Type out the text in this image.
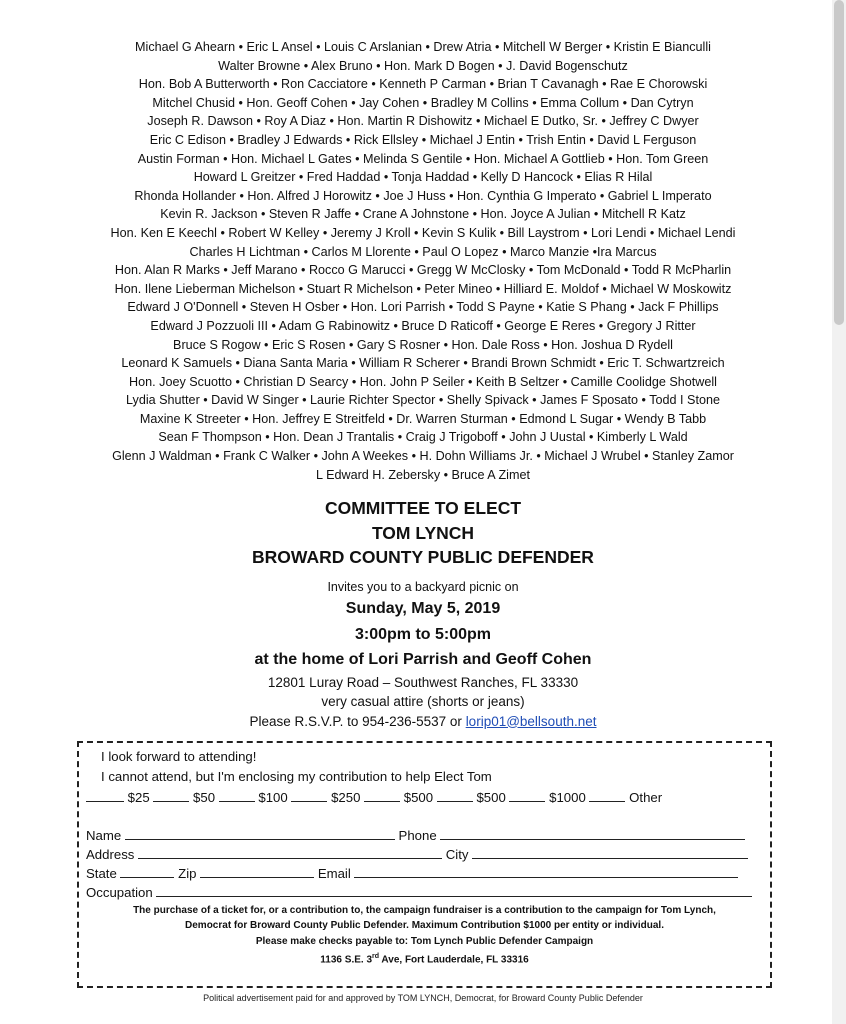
Michael G Ahearn • Eric L Ansel • Louis C Arslanian • Drew Atria • Mitchell W Berger • Kristin E Bianculli
Walter Browne • Alex Bruno • Hon. Mark D Bogen • J. David Bogenschutz
Hon. Bob A Butterworth • Ron Cacciatore • Kenneth P Carman • Brian T Cavanagh • Rae E Chorowski
Mitchel Chusid • Hon. Geoff Cohen • Jay Cohen • Bradley M Collins • Emma Collum • Dan Cytryn
Joseph R. Dawson • Roy A Diaz • Hon. Martin R Dishowitz • Michael E Dutko, Sr. • Jeffrey C Dwyer
Eric C Edison • Bradley J Edwards • Rick Ellsley • Michael J Entin • Trish Entin • David L Ferguson
Austin Forman • Hon. Michael L Gates • Melinda S Gentile • Hon. Michael A Gottlieb • Hon. Tom Green
Howard L Greitzer • Fred Haddad • Tonja Haddad • Kelly D Hancock • Elias R Hilal
Rhonda Hollander • Hon. Alfred J Horowitz • Joe J Huss • Hon. Cynthia G Imperato • Gabriel L Imperato
Kevin R. Jackson • Steven R Jaffe • Crane A Johnstone • Hon. Joyce A Julian • Mitchell R Katz
Hon. Ken E Keechl • Robert W Kelley • Jeremy J Kroll • Kevin S Kulik • Bill Laystrom • Lori Lendi • Michael Lendi
Charles H Lichtman • Carlos M Llorente • Paul O Lopez • Marco Manzie •Ira Marcus
Hon. Alan R Marks • Jeff Marano • Rocco G Marucci • Gregg W McClosky • Tom McDonald • Todd R McPharlin
Hon. Ilene Lieberman Michelson • Stuart R Michelson • Peter Mineo • Hilliard E. Moldof • Michael W Moskowitz
Edward J O'Donnell • Steven H Osber • Hon. Lori Parrish • Todd S Payne • Katie S Phang • Jack F Phillips
Edward J Pozzuoli III • Adam G Rabinowitz • Bruce D Raticoff • George E Reres • Gregory J Ritter
Bruce S Rogow • Eric S Rosen • Gary S Rosner • Hon. Dale Ross • Hon. Joshua D Rydell
Leonard K Samuels • Diana Santa Maria • William R Scherer • Brandi Brown Schmidt • Eric T. Schwartzreich
Hon. Joey Scuotto • Christian D Searcy • Hon. John P Seiler • Keith B Seltzer • Camille Coolidge Shotwell
Lydia Shutter • David W Singer • Laurie Richter Spector • Shelly Spivack • James F Sposato • Todd I Stone
Maxine K Streeter • Hon. Jeffrey E Streitfeld • Dr. Warren Sturman • Edmond L Sugar • Wendy B Tabb
Sean F Thompson • Hon. Dean J Trantalis • Craig J Trigoboff • John J Uustal • Kimberly L Wald
Glenn J Waldman • Frank C Walker • John A Weekes • H. Dohn Williams Jr. • Michael J Wrubel • Stanley Zamor
L Edward H. Zebersky • Bruce A Zimet
COMMITTEE TO ELECT
TOM LYNCH
BROWARD COUNTY PUBLIC DEFENDER
Invites you to a backyard picnic on
Sunday, May 5, 2019
3:00pm to 5:00pm
at the home of Lori Parrish and Geoff Cohen
12801 Luray Road – Southwest Ranches, FL 33330
very casual attire (shorts or jeans)
Please R.S.V.P. to 954-236-5537 or lorip01@bellsouth.net
I look forward to attending!
I cannot attend, but I'm enclosing my contribution to help Elect Tom
$25	$50	$100	$250	$500	$500	$1000	Other
Name	Phone
Address	City
State	Zip	Email
Occupation
The purchase of a ticket for, or a contribution to, the campaign fundraiser is a contribution to the campaign for Tom Lynch,
Democrat for Broward County Public Defender. Maximum Contribution $1000 per entity or individual.
Please make checks payable to: Tom Lynch Public Defender Campaign
1136 S.E. 3rd Ave, Fort Lauderdale, FL 33316
Political advertisement paid for and approved by TOM LYNCH, Democrat, for Broward County Public Defender
